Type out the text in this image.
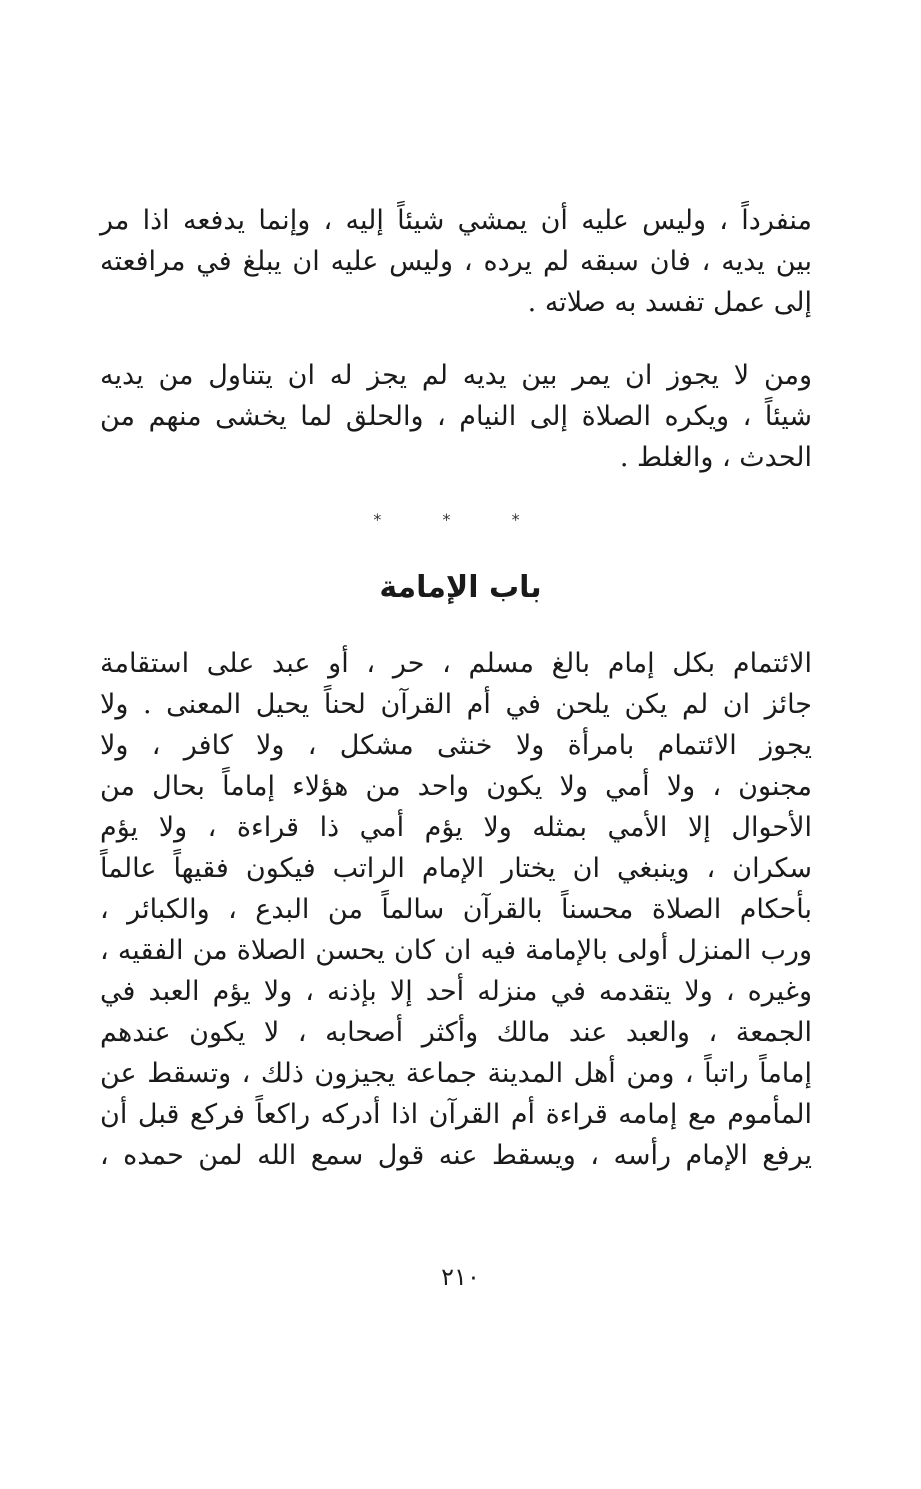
منفرداً ، وليس عليه أن يمشي شيئاً إليه ، وإنما يدفعه اذا مر
بين يديه ، فان سبقه لم يرده ، وليس عليه ان يبلغ في مرافعته
إلى عمل تفسد به صلاته .
ومن لا يجوز ان يمر بين يديه لم يجز له ان يتناول من يديه
شيئاً ، ويكره الصلاة إلى النيام ، والحلق لما يخشى منهم من
الحدث ، والغلط .
* * *
باب الإمامة
الائتمام بكل إمام بالغ مسلم ، حر ، أو عبد على استقامة
جائز ان لم يكن يلحن في أم القرآن لحناً يحيل المعنى . ولا
يجوز الائتمام بامرأة ولا خنثى مشكل ، ولا كافر ، ولا
مجنون ، ولا أمي ولا يكون واحد من هؤلاء إماماً بحال من
الأحوال إلا الأمي بمثله ولا يؤم أمي ذا قراءة ، ولا يؤم
سكران ، وينبغي ان يختار الإمام الراتب فيكون فقيهاً عالماً
بأحكام الصلاة محسناً بالقرآن سالماً من البدع ، والكبائر ،
ورب المنزل أولى بالإمامة فيه ان كان يحسن الصلاة من الفقيه ،
وغيره ، ولا يتقدمه في منزله أحد إلا بإذنه ، ولا يؤم العبد في
الجمعة ، والعبد عند مالك وأكثر أصحابه ، لا يكون عندهم
إماماً راتباً ، ومن أهل المدينة جماعة يجيزون ذلك ، وتسقط عن
المأموم مع إمامه قراءة أم القرآن اذا أدركه راكعاً فركع قبل أن
يرفع الإمام رأسه ، ويسقط عنه قول سمع الله لمن حمده ،
٢١٠
